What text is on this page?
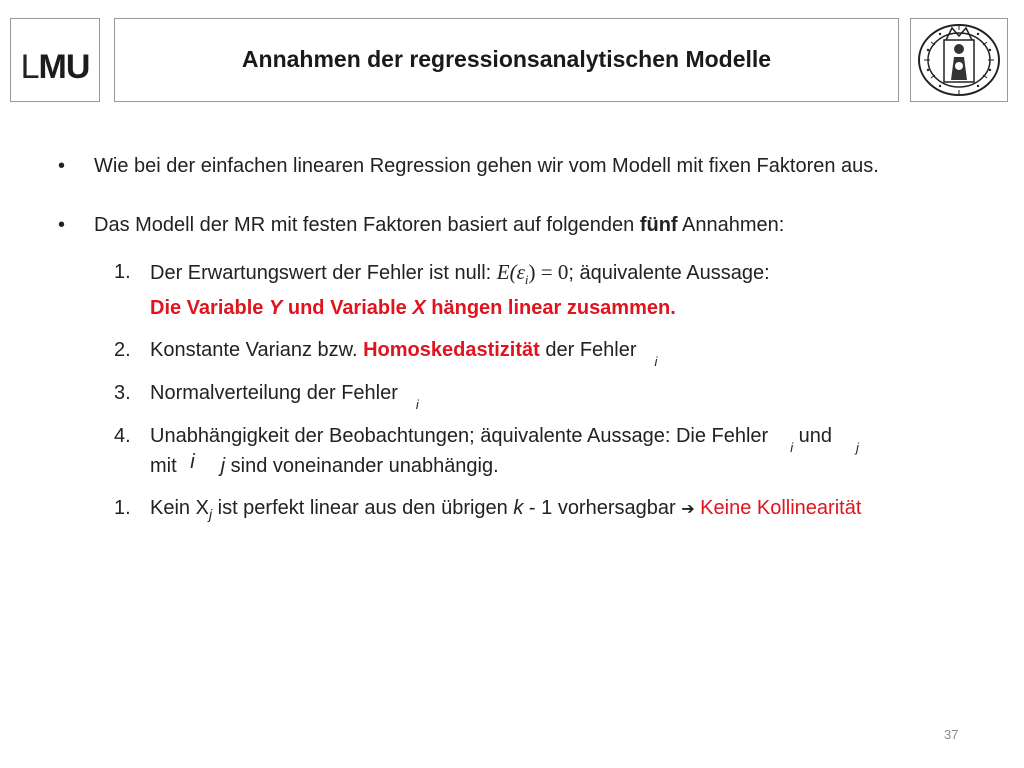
LMU	Annahmen der regressionsanalytischen Modelle
• Wie bei der einfachen linearen Regression gehen wir vom Modell mit fixen Faktoren aus.
• Das Modell der MR mit festen Faktoren basiert auf folgenden fünf Annahmen:
1. Der Erwartungswert der Fehler ist null: $E(\varepsilon_i) = 0$; äquivalente Aussage:
Die Variable Y und Variable X hängen linear zusammen.
2. Konstante Varianz bzw. Homoskedastizität der Fehler$_i$
3. Normalverteilung der Fehler$_i$
4. Unabhängigkeit der Beobachtungen; äquivalente Aussage: Die Fehler$_i$ und$_j$
mit i j sind voneinander unabhängig.
1. Kein $X_j$ ist perfekt linear aus den übrigen k - 1 vorhersagbar ➔ Keine Kollinearität
37
